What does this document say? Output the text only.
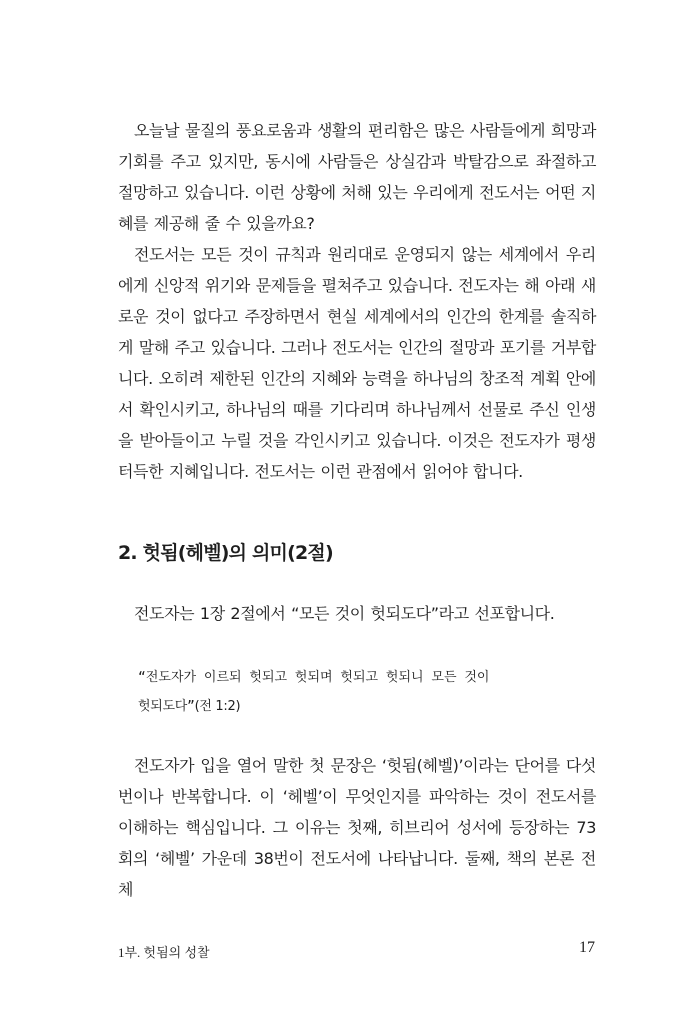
오늘날 물질의 풍요로움과 생활의 편리함은 많은 사람들에게 희망과 기회를 주고 있지만, 동시에 사람들은 상실감과 박탈감으로 좌절하고 절망하고 있습니다. 이런 상황에 처해 있는 우리에게 전도서는 어떤 지혜를 제공해 줄 수 있을까요?

전도서는 모든 것이 규칙과 원리대로 운영되지 않는 세계에서 우리에게 신앙적 위기와 문제들을 펼쳐주고 있습니다. 전도자는 해 아래 새로운 것이 없다고 주장하면서 현실 세계에서의 인간의 한계를 솔직하게 말해 주고 있습니다. 그러나 전도서는 인간의 절망과 포기를 거부합니다. 오히려 제한된 인간의 지혜와 능력을 하나님의 창조적 계획 안에서 확인시키고, 하나님의 때를 기다리며 하나님께서 선물로 주신 인생을 받아들이고 누릴 것을 각인시키고 있습니다. 이것은 전도자가 평생 터득한 지혜입니다. 전도서는 이런 관점에서 읽어야 합니다.

2. 헛됨(헤벨)의 의미(2절)

전도자는 1장 2절에서 “모든 것이 헛되도다”라고 선포합니다.

“전도자가 이르되 헛되고 헛되며 헛되고 헛되니 모든 것이
헛되도다”(전 1:2)

전도자가 입을 열어 말한 첫 문장은 ‘헛됨(헤벨)’이라는 단어를 다섯 번이나 반복합니다. 이 ‘헤벨’이 무엇인지를 파악하는 것이 전도서를 이해하는 핵심입니다. 그 이유는 첫째, 히브리어 성서에 등장하는 73회의 ‘헤벨’ 가운데 38번이 전도서에 나타납니다. 둘째, 책의 본론 전체

1부. 헛됨의 성찰	17
